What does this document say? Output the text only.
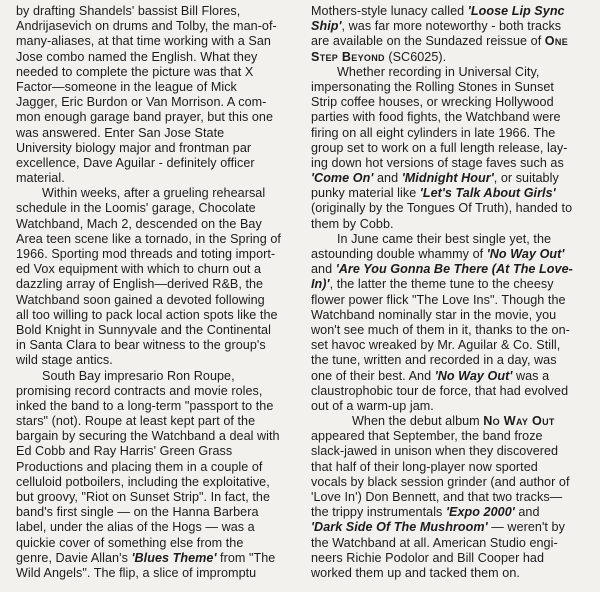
by drafting Shandels' bassist Bill Flores,
Andrijasevich on drums and Tolby, the man-of-
many-aliases, at that time working with a San
Jose combo named the English. What they
needed to complete the picture was that X
Factor—someone in the league of Mick
Jagger, Eric Burdon or Van Morrison. A com-
mon enough garage band prayer, but this one
was answered. Enter San Jose State
University biology major and frontman par
excellence, Dave Aguilar - definitely officer
material.
Within weeks, after a grueling rehearsal
schedule in the Loomis' garage, Chocolate
Watchband, Mach 2, descended on the Bay
Area teen scene like a tornado, in the Spring of
1966. Sporting mod threads and toting import-
ed Vox equipment with which to churn out a
dazzling array of English—derived R&B, the
Watchband soon gained a devoted following
all too willing to pack local action spots like the
Bold Knight in Sunnyvale and the Continental
in Santa Clara to bear witness to the group's
wild stage antics.
South Bay impresario Ron Roupe,
promising record contracts and movie roles,
inked the band to a long-term "passport to the
stars" (not). Roupe at least kept part of the
bargain by securing the Watchband a deal with
Ed Cobb and Ray Harris' Green Grass
Productions and placing them in a couple of
celluloid potboilers, including the exploitative,
but groovy, "Riot on Sunset Strip". In fact, the
band's first single — on the Hanna Barbera
label, under the alias of the Hogs — was a
quickie cover of something else from the
genre, Davie Allan's 'Blues Theme' from "The
Wild Angels". The flip, a slice of impromptu
Mothers-style lunacy called 'Loose Lip Sync
Ship', was far more noteworthy - both tracks
are available on the Sundazed reissue of One
Step Beyond (SC6025).
Whether recording in Universal City,
impersonating the Rolling Stones in Sunset
Strip coffee houses, or wrecking Hollywood
parties with food fights, the Watchband were
firing on all eight cylinders in late 1966. The
group set to work on a full length release, lay-
ing down hot versions of stage faves such as
'Come On' and 'Midnight Hour', or suitably
punky material like 'Let's Talk About Girls'
(originally by the Tongues Of Truth), handed to
them by Cobb.
In June came their best single yet, the
astounding double whammy of 'No Way Out'
and 'Are You Gonna Be There (At The Love-
In)', the latter the theme tune to the cheesy
flower power flick "The Love Ins". Though the
Watchband nominally star in the movie, you
won't see much of them in it, thanks to the on-
set havoc wreaked by Mr. Aguilar & Co. Still,
the tune, written and recorded in a day, was
one of their best. And 'No Way Out' was a
claustrophobic tour de force, that had evolved
out of a warm-up jam.
When the debut album No Way Out
appeared that September, the band froze
slack-jawed in unison when they discovered
that half of their long-player now sported
vocals by black session grinder (and author of
'Love In') Don Bennett, and that two tracks—
the trippy instrumentals 'Expo 2000' and
'Dark Side Of The Mushroom' — weren't by
the Watchband at all. American Studio engi-
neers Richie Podolor and Bill Cooper had
worked them up and tacked them on.
